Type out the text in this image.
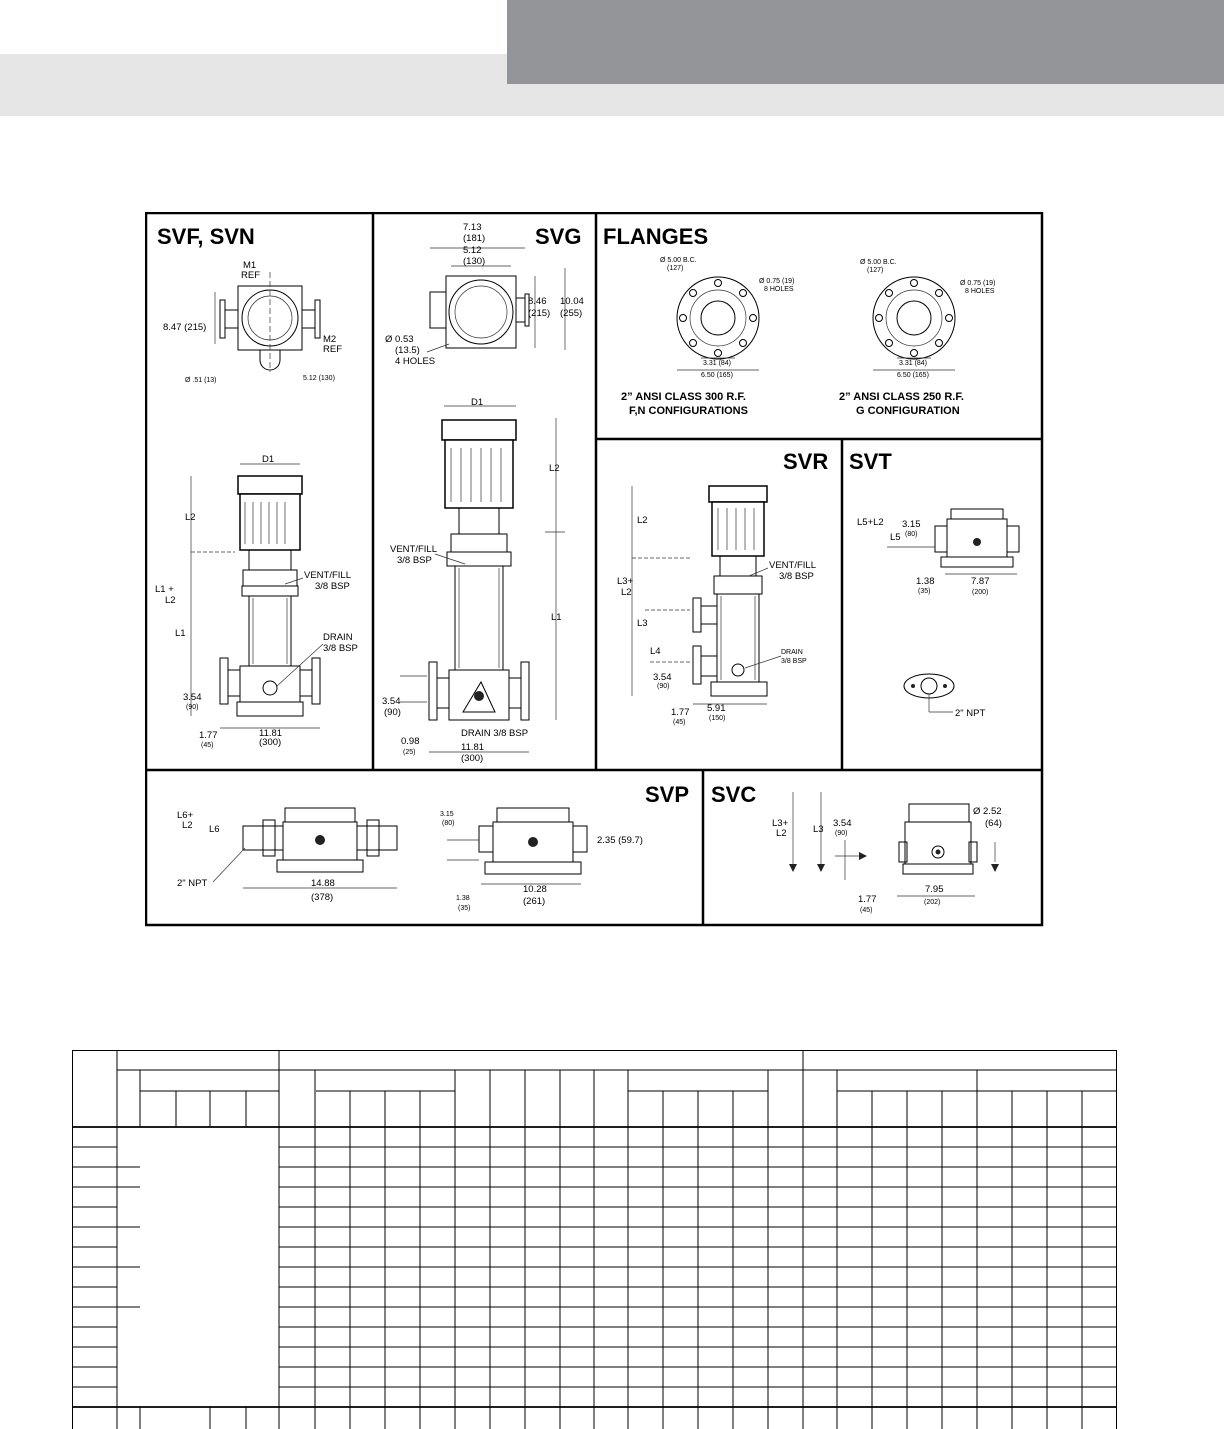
SVF, SVN
M1
REF
8.47 (215)
M2
REF
Ø .51 (13)	5.12 (130)
D1
L2
L1 +
L2
L1
VENT/FILL
3/8 BSP
DRAIN
3/8 BSP
3.54
(90)
1.77
(45)
11.81
(300)
SVG
7.13
(181)
5.12
(130)
8.46
(215)
10.04
(255)
Ø 0.53
(13.5)
4 HOLES
D1
L2
VENT/FILL
3/8 BSP
L1
3.54
(90)
DRAIN 3/8 BSP
0.98
(25)	11.81
(300)
FLANGES
Ø 5.00 B.C.
(127)
Ø 0.75 (19)
8 HOLES
3.31 (84)
6.50 (165)
2” ANSI CLASS 300 R.F.
F,N CONFIGURATIONS
Ø 5.00 B.C.
(127)
Ø 0.75 (19)
8 HOLES
3.31 (84)
6.50 (165)
2” ANSI CLASS 250 R.F.
G CONFIGURATION
SVR
L2
L3+
L2
L3
L4
VENT/FILL
3/8 BSP
DRAIN
3/8 BSP
3.54
(90)
1.77
(45)
5.91
(150)
SVT
L5+L2 3.15
(80)
L5
1.38
(35)
7.87
(200)
2" NPT
SVP
L6+
L2 L6
2" NPT	14.88
(378)
3.15
(80)
2.35 (59.7)
1.38
(35)
10.28
(261)
SVC
L3+
L2	L3
3.54
(90)
1.77
(45)
7.95
(202)
Ø 2.52
(64)
